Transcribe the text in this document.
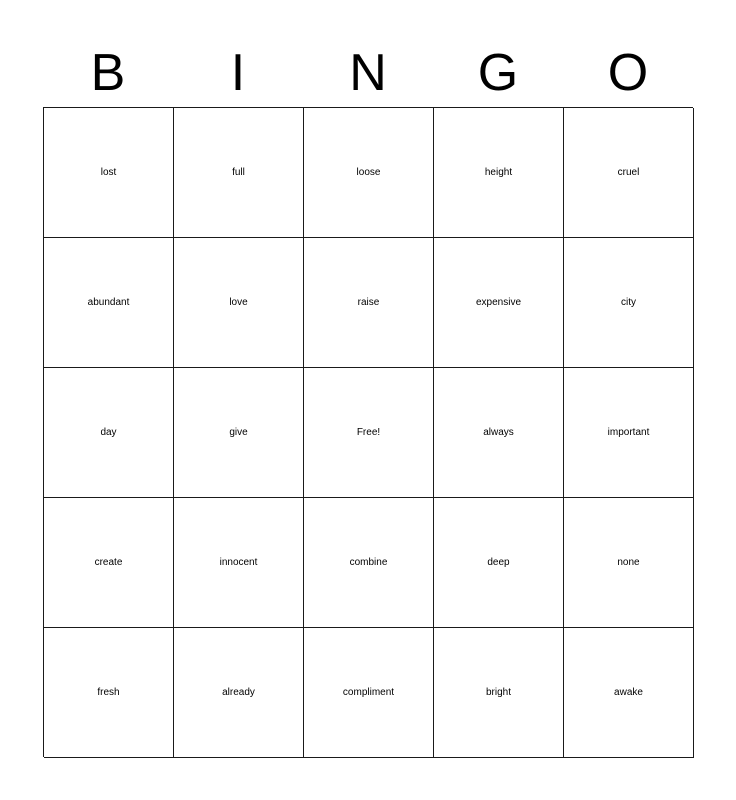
B	I	N	G	O
lost	full	loose	height	cruel
abundant	love	raise	expensive	city
day	give	Free!	always	important
create	innocent	combine	deep	none
fresh	already	compliment	bright	awake
